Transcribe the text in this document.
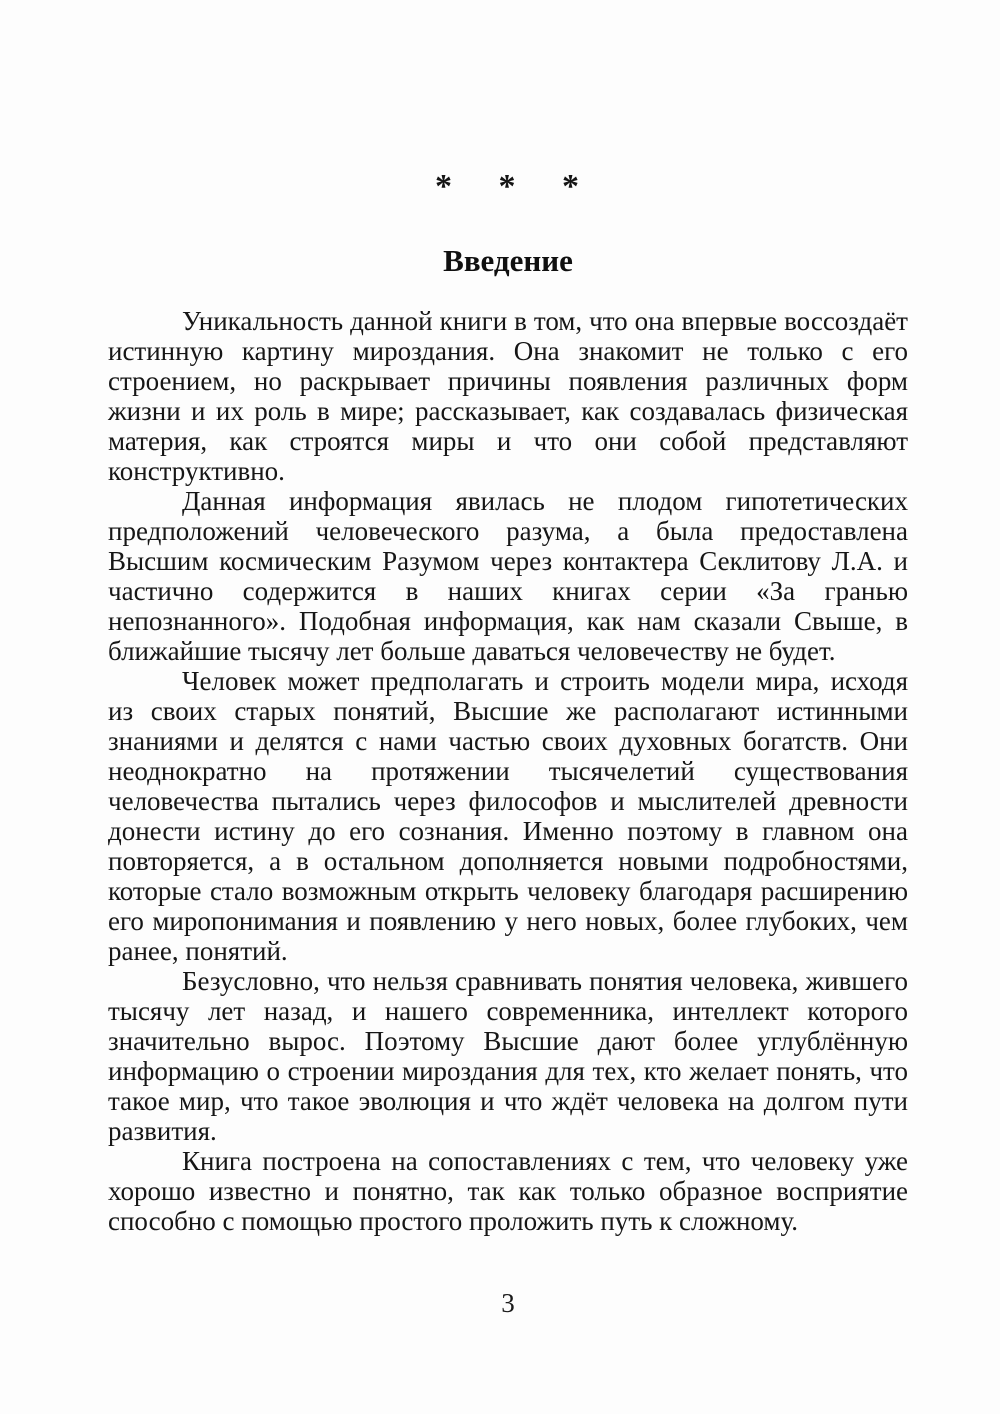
* * *
Введение

Уникальность данной книги в том, что она впервые воссоздаёт истинную картину мироздания. Она знакомит не только с его строением, но раскрывает причины появления различных форм жизни и их роль в мире; рассказывает, как создавалась физическая материя, как строятся миры и что они собой представляют конструктивно.

Данная информация явилась не плодом гипотетических предположений человеческого разума, а была предоставлена Высшим космическим Разумом через контактера Секлитову Л.А. и частично содержится в наших книгах серии «За гранью непознанного». Подобная информация, как нам сказали Свыше, в ближайшие тысячу лет больше даваться человечеству не будет.

Человек может предполагать и строить модели мира, исходя из своих старых понятий, Высшие же располагают истинными знаниями и делятся с нами частью своих духовных богатств. Они неоднократно на протяжении тысячелетий существования человечества пытались через философов и мыслителей древности донести истину до его сознания. Именно поэтому в главном она повторяется, а в остальном дополняется новыми подробностями, которые стало возможным открыть человеку благодаря расширению его миропонимания и появлению у него новых, более глубоких, чем ранее, понятий.

Безусловно, что нельзя сравнивать понятия человека, жившего тысячу лет назад, и нашего современника, интеллект которого значительно вырос. Поэтому Высшие дают более углублённую информацию о строении мироздания для тех, кто желает понять, что такое мир, что такое эволюция и что ждёт человека на долгом пути развития.

Книга построена на сопоставлениях с тем, что человеку уже хорошо известно и понятно, так как только образное восприятие способно с помощью простого проложить путь к сложному.

3
